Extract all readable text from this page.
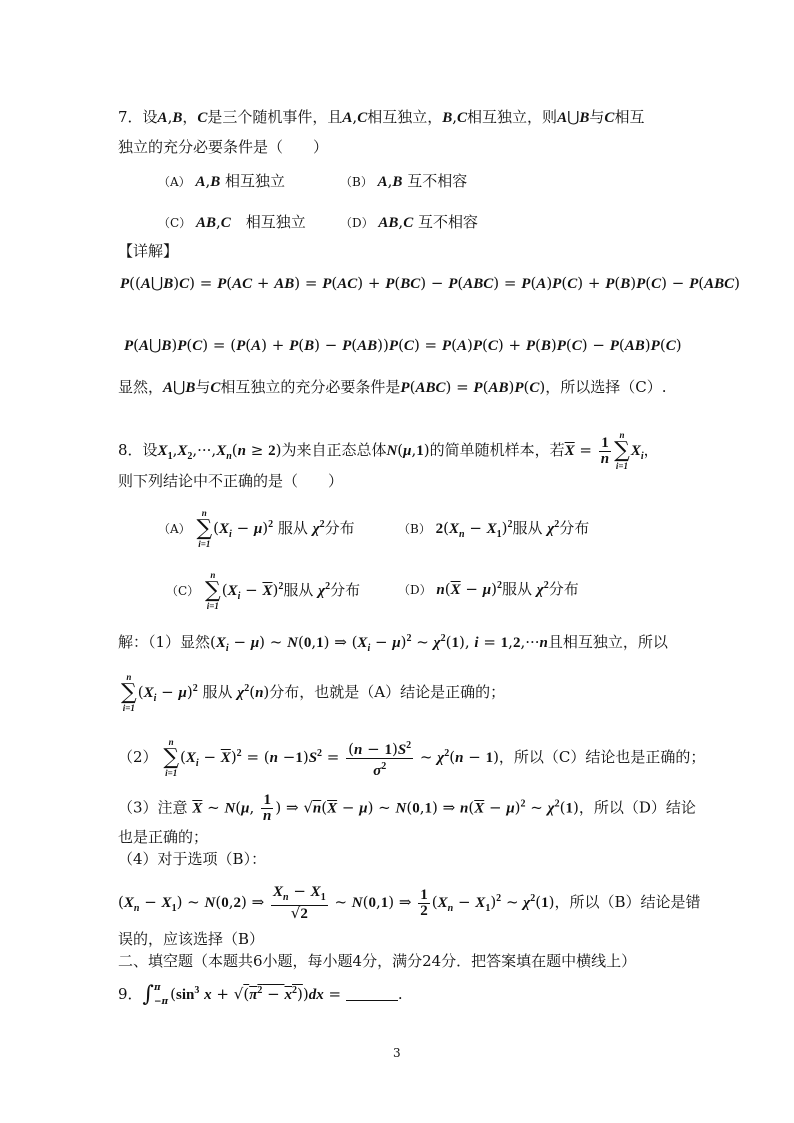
7．设A,B，C是三个随机事件，且A,C相互独立，B,C相互独立，则A⋃B与C相互
独立的充分必要条件是（　　）
（A） A,B 相互独立	（B） A,B 互不相容
（C） AB,C　相互独立	（D） AB,C 互不相容
【详解】
P((A⋃B)C) = P(AC + AB) = P(AC) + P(BC) − P(ABC) = P(A)P(C) + P(B)P(C) − P(ABC)
P(A⋃B)P(C) = (P(A) + P(B) − P(AB))P(C) = P(A)P(C) + P(B)P(C) − P(AB)P(C)
显然，A⋃B与C相互独立的充分必要条件是P(ABC) = P(AB)P(C)，所以选择（C）.
8．设$X_1,X_2,\cdot\cdot\cdot,X_n(n \ge 2)$为来自正态总体N(μ,1)的简单随机样本，若$\overline{X} = \frac{1}{n}$
n
∑
i=1
$X_i$，
则下列结论中不正确的是（　　）
（A）
n
∑
i=1
$(X_i - \mu)^2$ 服从 $\chi^2$分布	（B） $2(X_n - X_1)^2$服从 $\chi^2$分布
（C）
n
∑
i=1
$(X_i - \overline{X})^2$服从 $\chi^2$分布	（D） $n(\overline{X} - \mu)^2$服从 $\chi^2$分布
解：（1）显然$(X_i - \mu)$ ~ N(0,1) ⇒ $(X_i - \mu)^2$ ~ $\chi^2(1)$, i = 1,2,···n且相互独立，所以
n
∑
i=1
$(X_i - \mu)^2$ 服从 $\chi^2(n)$分布，也就是（A）结论是正确的；
（2）
n
∑
i=1
$(X_i - \overline{X})^2 = (n -1)S^2 = \frac{(n - 1)S^2}{\sigma^2}$ ~ $\chi^2(n - 1)$，所以（C）结论也是正确的；
（3）注意 $\overline{X}$ ~ N(μ, $\frac{1}{n}$ ) ⇒ $√n(\overline{X} - \mu)$ ~ N(0,1) ⇒ $n(\overline{X} - \mu)^2$ ~ $\chi^2(1)$，所以（D）结论
也是正确的；
（4）对于选项（B）：
$(X_n - X_1)$ ~ N(0,2) ⇒ $\frac{X_n - X_1}{√2}$ ~ N(0,1) ⇒ $\frac{1}{2} (X_n - X_1)^2$ ~ $\chi^2(1)$，所以（B）结论是错
误的，应该选择（B）
二、填空题（本题共6小题，每小题4分，满分24分．把答案填在题中横线上）
9．∫π
−π ($\sin^3$ $x + √(\pi^2 - x^2))dx$ =	.
3
